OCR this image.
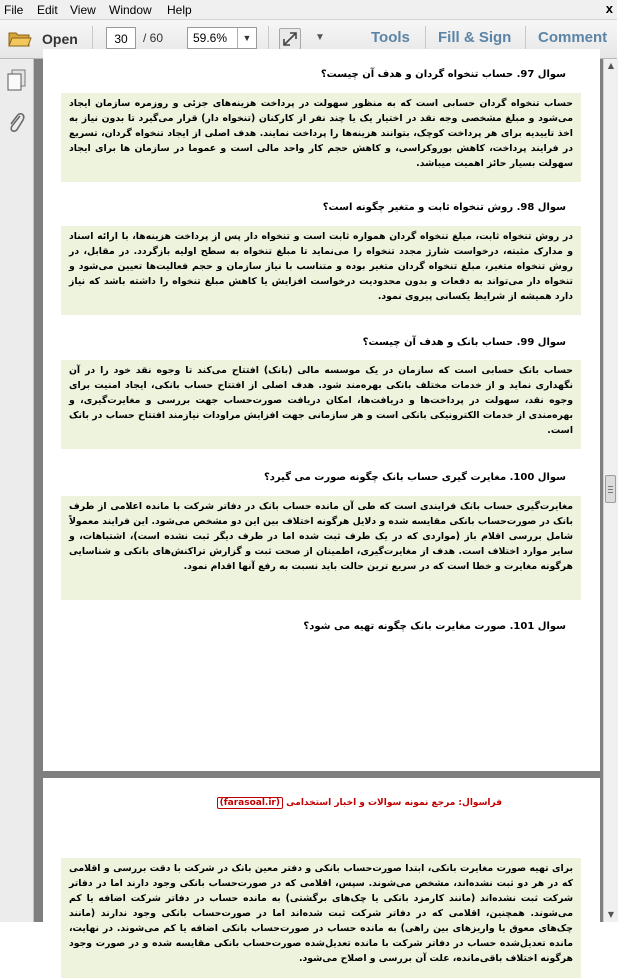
File Edit View Window Help	x
Open	30	/ 60 59.6%	▼	▼	Tools Fill & Sign Comment
سوال 97. حساب تنخواه گردان و هدف آن چیست؟
حساب تنخواه گردان حسابی است که به منظور سهولت در پرداخت هزینه‌های جزئی و روزمره سازمان ایجاد می‌شود و مبلغ مشخصی وجه نقد در اختیار یک یا چند نفر از کارکنان (تنخواه دار) قرار می‌گیرد تا بدون نیاز به اخذ تاییدیه برای هر پرداخت کوچک، بتوانند هزینه‌ها را پرداخت نمایند. هدف اصلی از ایجاد تنخواه گردان، تسریع در فرایند پرداخت، کاهش بوروکراسی، و کاهش حجم کار واحد مالی است و عموما در سازمان ها برای ایجاد سهولت بسیار حائز اهمیت میباشد.
سوال 98. روش تنخواه ثابت و متغیر چگونه است؟
در روش تنخواه ثابت، مبلغ تنخواه گردان همواره ثابت است و تنخواه دار پس از پرداخت هزینه‌ها، با ارائه اسناد و مدارک مثبته، درخواست شارژ مجدد تنخواه را می‌نماید تا مبلغ تنخواه به سطح اولیه بازگردد. در مقابل، در روش تنخواه متغیر، مبلغ تنخواه گردان متغیر بوده و متناسب با نیاز سازمان و حجم فعالیت‌ها تعیین می‌شود و تنخواه دار می‌تواند به دفعات و بدون محدودیت درخواست افزایش یا کاهش مبلغ تنخواه را داشته باشد که نیاز دارد همیشه از شرایط یکسانی پیروی نمود.
سوال 99. حساب بانک و هدف آن چیست؟
حساب بانک حسابی است که سازمان در یک موسسه مالی (بانک) افتتاح می‌کند تا وجوه نقد خود را در آن نگهداری نماید و از خدمات مختلف بانکی بهره‌مند شود. هدف اصلی از افتتاح حساب بانکی، ایجاد امنیت برای وجوه نقد، سهولت در پرداخت‌ها و دریافت‌ها، امکان دریافت صورت‌حساب جهت بررسی و مغایرت‌گیری، و بهره‌مندی از خدمات الکترونیکی بانکی است و هر سازمانی جهت افزایش مراودات نیازمند افتتاح حساب در بانک است.
سوال 100. مغایرت گیری حساب بانک چگونه صورت می گیرد؟
مغایرت‌گیری حساب بانک فرایندی است که طی آن مانده حساب بانک در دفاتر شرکت با مانده اعلامی از طرف بانک در صورت‌حساب بانکی مقایسه شده و دلایل هرگونه اختلاف بین این دو مشخص می‌شود. این فرایند معمولاً شامل بررسی اقلام باز (مواردی که در یک طرف ثبت شده اما در طرف دیگر ثبت نشده است)، اشتباهات، و سایر موارد اختلاف است. هدف از مغایرت‌گیری، اطمینان از صحت ثبت و گزارش تراکنش‌های بانکی و شناسایی هرگونه مغایرت و خطا است که در سریع ترین حالت باید نسبت به رفع آنها اقدام نمود.
سوال 101. صورت مغایرت بانک چگونه تهیه می شود؟
فراسوال: مرجع نمونه سوالات و اخبار استخدامی (farasoal.ir)
برای تهیه صورت مغایرت بانکی، ابتدا صورت‌حساب بانکی و دفتر معین بانک در شرکت با دقت بررسی و اقلامی که در هر دو ثبت نشده‌اند، مشخص می‌شوند. سپس، اقلامی که در صورت‌حساب بانکی وجود دارند اما در دفاتر شرکت ثبت نشده‌اند (مانند کارمزد بانکی یا چک‌های برگشتی) به مانده حساب در دفاتر شرکت اضافه یا کم می‌شوند. همچنین، اقلامی که در دفاتر شرکت ثبت شده‌اند اما در صورت‌حساب بانکی وجود ندارند (مانند چک‌های معوق یا واریزهای بین راهی) به مانده حساب در صورت‌حساب بانکی اضافه یا کم می‌شوند. در نهایت، مانده تعدیل‌شده حساب در دفاتر شرکت با مانده تعدیل‌شده صورت‌حساب بانکی مقایسه شده و در صورت وجود هرگونه اختلاف باقی‌مانده، علت آن بررسی و اصلاح می‌شود.
▲
▼
